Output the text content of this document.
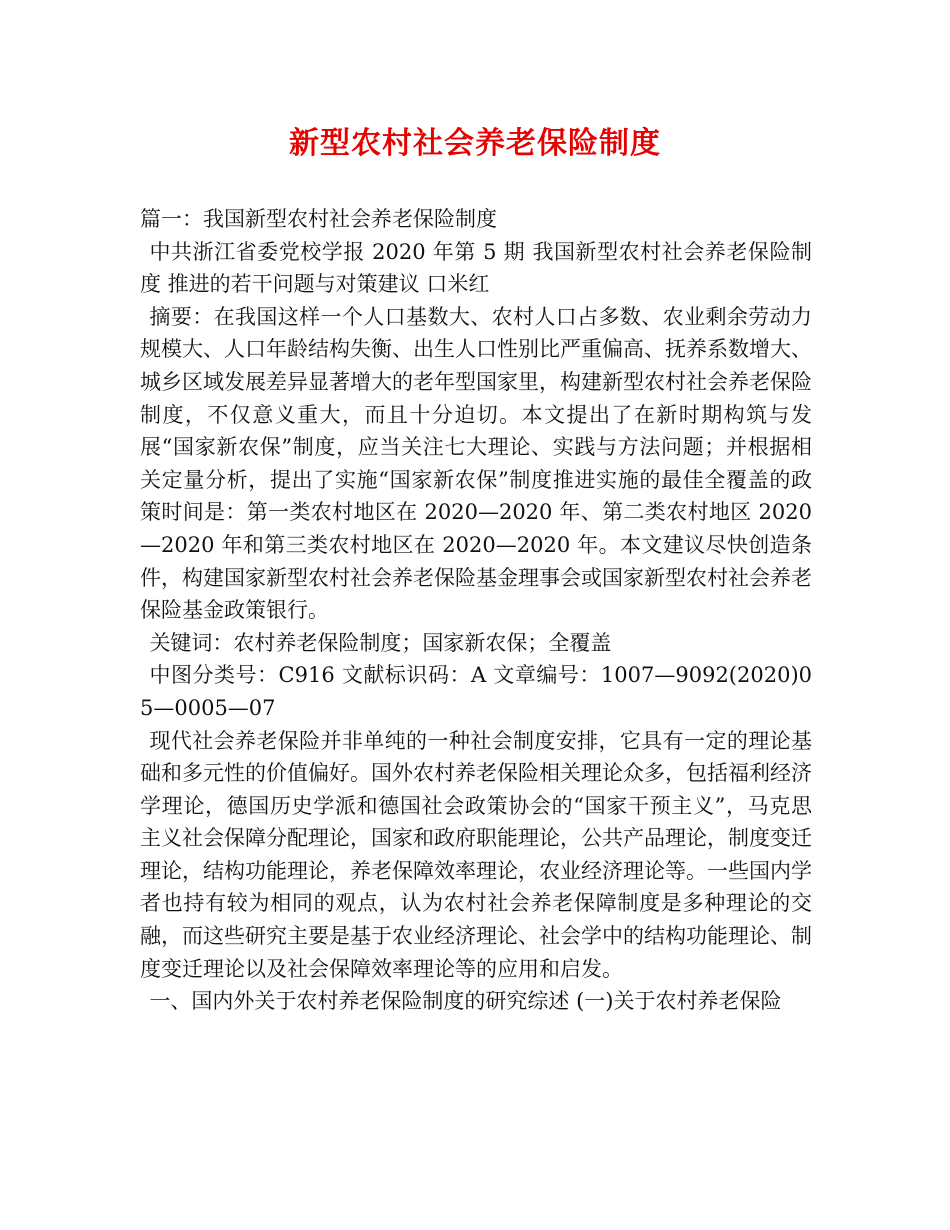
新型农村社会养老保险制度

篇一：我国新型农村社会养老保险制度

中共浙江省委党校学报 2020 年第 5 期 我国新型农村社会养老保险制度 推进的若干问题与对策建议 口米红

摘要：在我国这样一个人口基数大、农村人口占多数、农业剩余劳动力规模大、人口年龄结构失衡、出生人口性别比严重偏高、抚养系数增大、城乡区域发展差异显著增大的老年型国家里，构建新型农村社会养老保险制度，不仅意义重大，而且十分迫切。本文提出了在新时期构筑与发展“国家新农保”制度，应当关注七大理论、实践与方法问题；并根据相关定量分析，提出了实施“国家新农保”制度推进实施的最佳全覆盖的政策时间是：第一类农村地区在 2020—2020 年、第二类农村地区 2020—2020 年和第三类农村地区在 2020—2020 年。本文建议尽快创造条件，构建国家新型农村社会养老保险基金理事会或国家新型农村社会养老保险基金政策银行。

关键词：农村养老保险制度；国家新农保；全覆盖

中图分类号：C916 文献标识码：A 文章编号：1007—9092(2020)05—0005—07

现代社会养老保险并非单纯的一种社会制度安排，它具有一定的理论基础和多元性的价值偏好。国外农村养老保险相关理论众多，包括福利经济学理论，德国历史学派和德国社会政策协会的“国家干预主义”，马克思主义社会保障分配理论，国家和政府职能理论，公共产品理论，制度变迁理论，结构功能理论，养老保障效率理论，农业经济理论等。一些国内学者也持有较为相同的观点，认为农村社会养老保障制度是多种理论的交融，而这些研究主要是基于农业经济理论、社会学中的结构功能理论、制度变迁理论以及社会保障效率理论等的应用和启发。

一、国内外关于农村养老保险制度的研究综述 (一)关于农村养老保险
